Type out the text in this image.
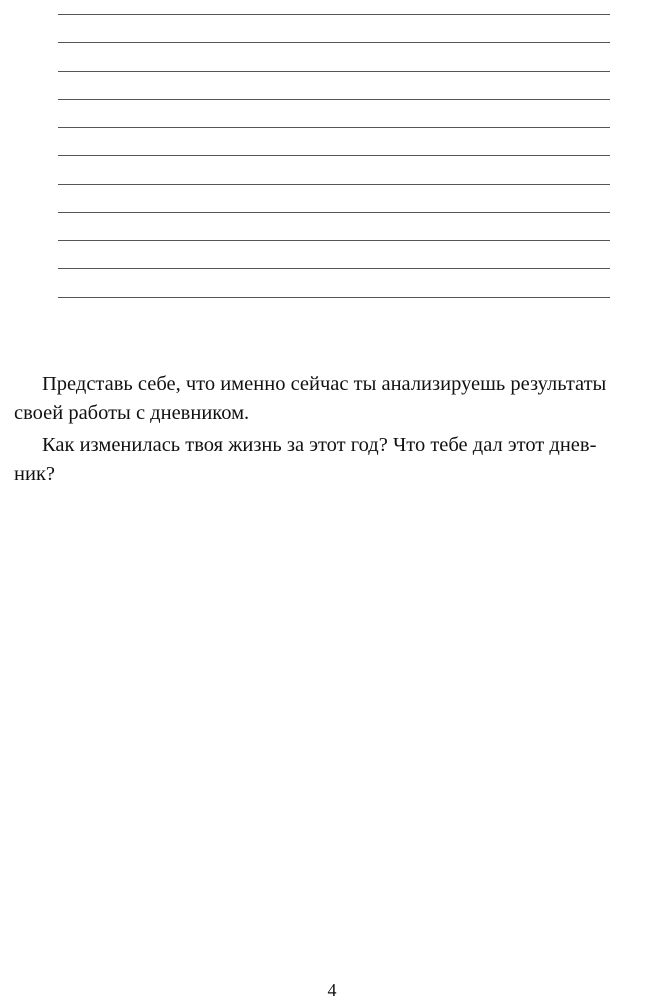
Представь себе, что именно сейчас ты анализируешь результаты
своей работы с дневником.

Как изменилась твоя жизнь за этот год? Что тебе дал этот днев-
ник?

4
